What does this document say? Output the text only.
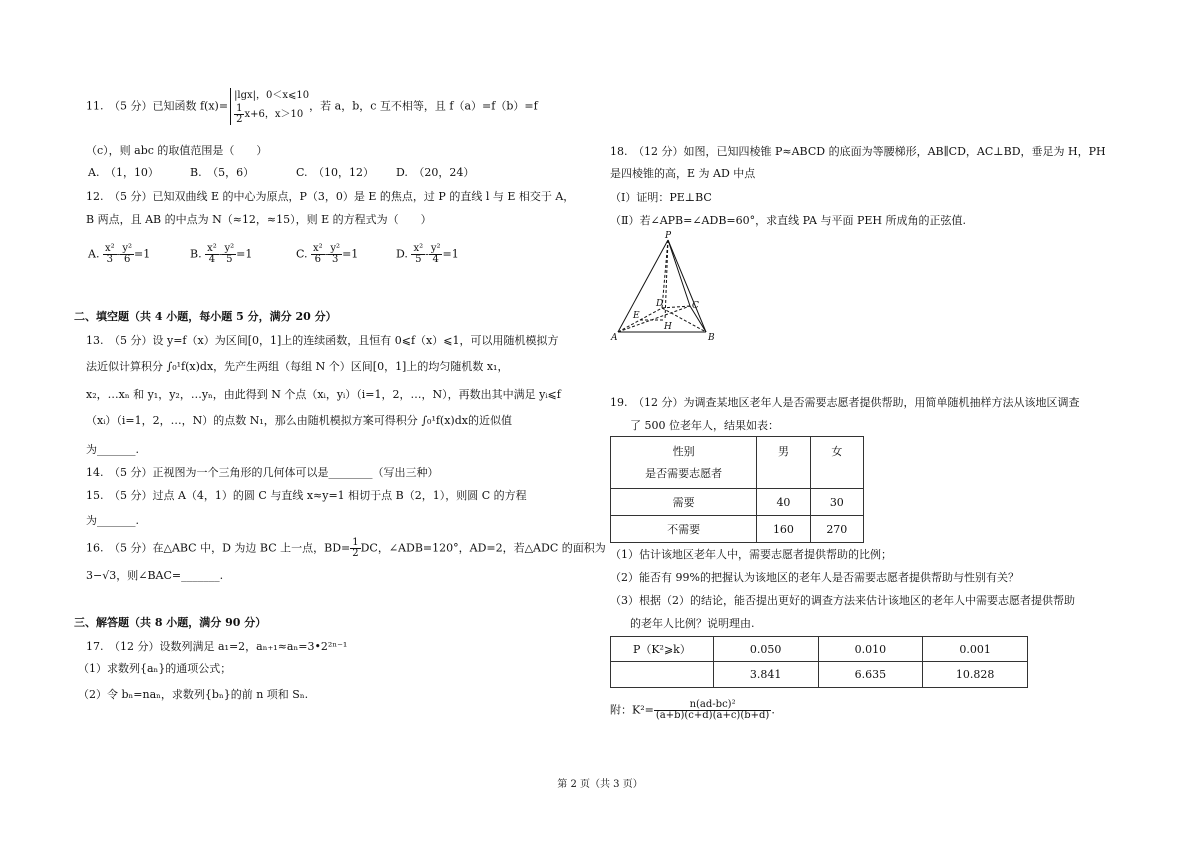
11.　（5 分）已知函数 f(x)=
|lgx|，0＜x⩽10
$\frac{1}{2} x+6$，x＞10
，若 a，b，c 互不相等，且 f（a）=f（b）=f
（c），则 abc 的取值范围是（　　）
A.　（1，10）	B.　（5，6）	C.　（10，12） D.　（20，24）
12.　（5 分）已知双曲线 E 的中心为原点，P（3，0）是 E 的焦点，过 P 的直线 l 与 E 相交于 A，
B 两点，且 AB 的中点为 N（≈12，≈15），则 E 的方程式为（　　）
A. $\frac{\text{x²}}{3} - \frac{\text{y²}}{6} =1$	B. $\frac{\text{x²}}{4} - \frac{\text{y²}}{5} =1$	C. $\frac{\text{x²}}{6} - \frac{\text{y²}}{3} =1$	D. $\frac{\text{x²}}{5} - \frac{\text{y²}}{4} =1$
二、填空题（共 4 小题，每小题 5 分，满分 20 分）
13.　（5 分）设 y=f（x）为区间[0，1]上的连续函数，且恒有 0⩽f（x）⩽1，可以用随机模拟方
法近似计算积分 ∫₀¹f(x)dx，先产生两组（每组 N 个）区间[0，1]上的均匀随机数 x₁，
x₂，…xₙ 和 y₁，y₂，…yₙ，由此得到 N 个点（xᵢ，yᵢ）（i=1，2，…，N），再数出其中满足 yᵢ⩽f
（xᵢ）（i=1，2，…，N）的点数 N₁，那么由随机模拟方案可得积分 ∫₀¹f(x)dx的近似值
为_______.
14.　（5 分）正视图为一个三角形的几何体可以是________（写出三种）
15.　（5 分）过点 A（4，1）的圆 C 与直线 x≈y=1 相切于点 B（2，1），则圆 C 的方程
为_______.
16.　（5 分）在△ABC 中，D 为边 BC 上一点，$BD= \frac{1}{2}$ DC，∠ADB=120°，AD=2，若△ADC 的面积为
3−√3，则∠BAC=_______.
三、解答题（共 8 小题，满分 90 分）
17.　（12 分）设数列满足 a₁=2，aₙ₊₁≈aₙ=3•2²ⁿ⁻¹
（1）求数列{aₙ}的通项公式；
（2）令 bₙ=naₙ，求数列{bₙ}的前 n 项和 Sₙ.
18.　（12 分）如图，已知四棱锥 P≈ABCD 的底面为等腰梯形，AB∥CD，AC⊥BD，垂足为 H，PH
是四棱锥的高，E 为 AD 中点
（Ⅰ）证明：PE⊥BC
（Ⅱ）若∠APB=∠ADB=60°，求直线 PA 与平面 PEH 所成角的正弦值.
P
A	B
C
D
E
H
19.　（12 分）为调查某地区老年人是否需要志愿者提供帮助，用简单随机抽样方法从该地区调查
了 500 位老年人，结果如表：
性别
是否需要志愿者	男	女
需要	40	30
不需要	160	270
（1）估计该地区老年人中，需要志愿者提供帮助的比例；
（2）能否有 99%的把握认为该地区的老年人是否需要志愿者提供帮助与性别有关？
（3）根据（2）的结论，能否提出更好的调查方法来估计该地区的老年人中需要志愿者提供帮助
的老年人比例？说明理由.
P（K²⩾k）	0.050	0.010	0.001
	3.841	6.635	10.828
附：$K^2= \frac{\text{n(ad-bc)²}}{(a+b)(c+d)(a+c)(b+d)}$ .
第 2 页（共 3 页）
